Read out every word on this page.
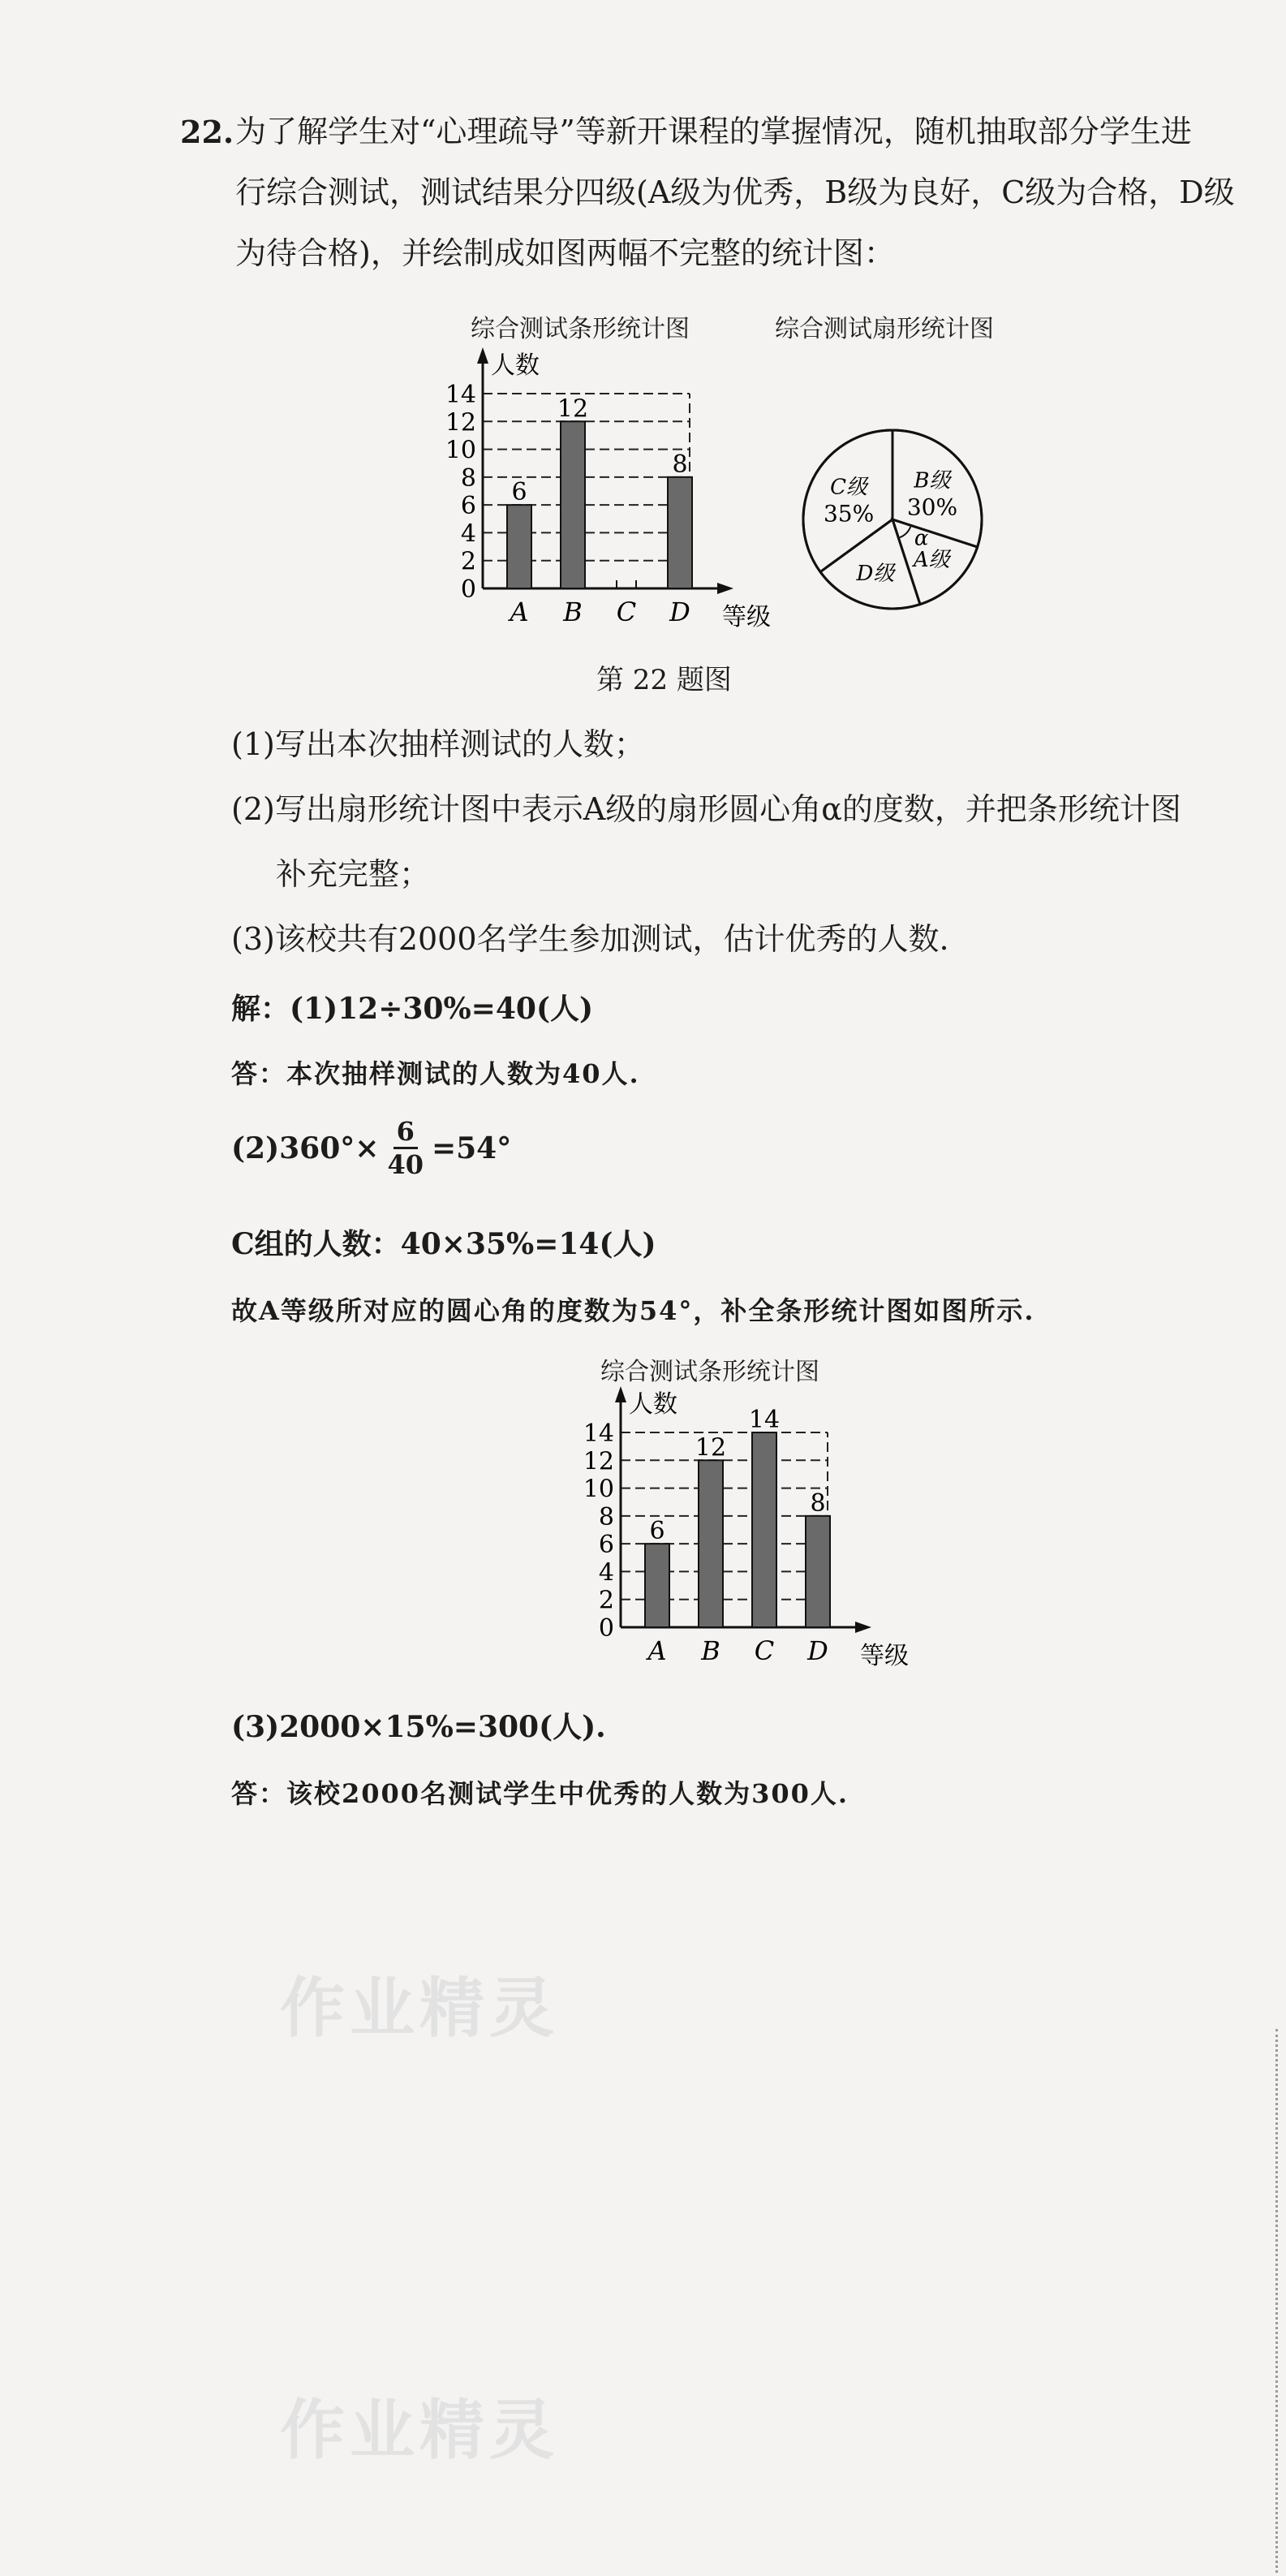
22. 为了解学生对“心理疏导”等新开课程的掌握情况，随机抽取部分学生进
行综合测试，测试结果分四级(A级为优秀，B级为良好，C级为合格，D级
为待合格)，并绘制成如图两幅不完整的统计图：
综合测试条形统计图	综合测试扇形统计图
0
2
4
6
8
10
12
14
人数
等级
6
A
12
B C
8
D
B级
30%
A级
α
D级
C级
35%
第 22 题图
(1)写出本次抽样测试的人数；
(2)写出扇形统计图中表示A级的扇形圆心角α的度数，并把条形统计图
补充完整；
(3)该校共有2000名学生参加测试，估计优秀的人数.
解：(1)12÷30%=40(人)
答：本次抽样测试的人数为40人.
$(2)360^\circ\times \frac{6}{40} =54^\circ$
C组的人数：40×35%=14(人)
故A等级所对应的圆心角的度数为54°，补全条形统计图如图所示.
综合测试条形统计图
0
2
4
6
8
10
12
14
人数
等级
6
A
12
B
14
C
8
D
(3)2000×15%=300(人).
答：该校2000名测试学生中优秀的人数为300人.
作业精灵
作业精灵
